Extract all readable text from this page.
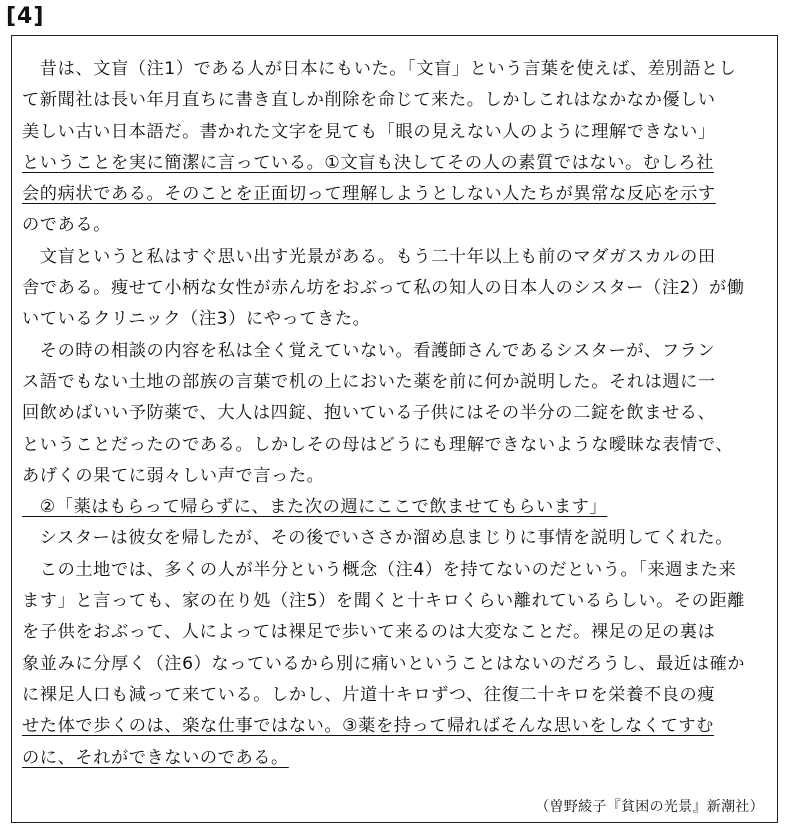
[4]
　昔は、文盲（注1）である人が日本にもいた。「文盲」という言葉を使えば、差別語とし
て新聞社は長い年月直ちに書き直しか削除を命じて来た。しかしこれはなかなか優しい
美しい古い日本語だ。書かれた文字を見ても「眼の見えない人のように理解できない」
ということを実に簡潔に言っている。①文盲も決してその人の素質ではない。むしろ社
会的病状である。そのことを正面切って理解しようとしない人たちが異常な反応を示す
のである。
　文盲というと私はすぐ思い出す光景がある。もう二十年以上も前のマダガスカルの田
舎である。痩せて小柄な女性が赤ん坊をおぶって私の知人の日本人のシスター（注2）が働
いているクリニック（注3）にやってきた。
　その時の相談の内容を私は全く覚えていない。看護師さんであるシスターが、フラン
ス語でもない土地の部族の言葉で机の上においた薬を前に何か説明した。それは週に一
回飲めばいい予防薬で、大人は四錠、抱いている子供にはその半分の二錠を飲ませる、
ということだったのである。しかしその母はどうにも理解できないような曖昧な表情で、
あげくの果てに弱々しい声で言った。
　②「薬はもらって帰らずに、また次の週にここで飲ませてもらいます」
　シスターは彼女を帰したが、その後でいささか溜め息まじりに事情を説明してくれた。
　この土地では、多くの人が半分という概念（注4）を持てないのだという。「来週また来
ます」と言っても、家の在り処（注5）を聞くと十キロくらい離れているらしい。その距離
を子供をおぶって、人によっては裸足で歩いて来るのは大変なことだ。裸足の足の裏は
象並みに分厚く（注6）なっているから別に痛いということはないのだろうし、最近は確か
に裸足人口も減って来ている。しかし、片道十キロずつ、往復二十キロを栄養不良の痩
せた体で歩くのは、楽な仕事ではない。③薬を持って帰ればそんな思いをしなくてすむ
のに、それができないのである。
（曽野綾子『貧困の光景』新潮社）
